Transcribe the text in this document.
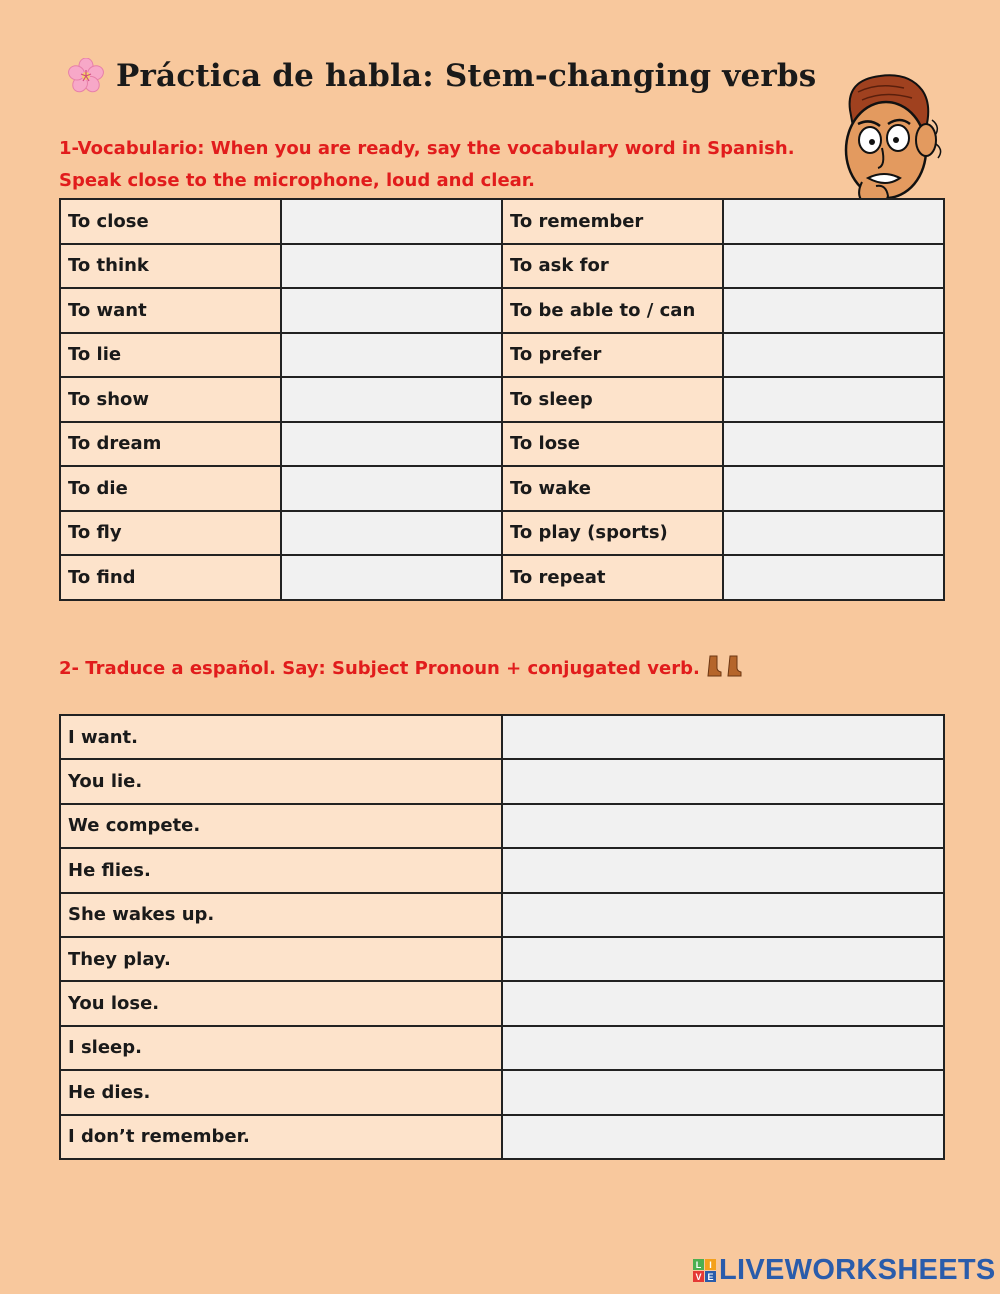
Práctica de habla: Stem-changing verbs
1-Vocabulario: When you are ready, say the vocabulary word in Spanish.
Speak close to the microphone, loud and clear.
To close		To remember	
To think		To ask for	
To want		To be able to / can	
To lie		To prefer	
To show		To sleep	
To dream		To lose	
To die		To wake	
To fly		To play (sports)	
To find		To repeat	
2- Traduce a español. Say: Subject Pronoun + conjugated verb.
I want.	
You lie.	
We compete.	
He flies.	
She wakes up.	
They play.	
You lose.	
I sleep.	
He dies.	
I don’t remember.	
L I
V E LIVEWORKSHEETS
